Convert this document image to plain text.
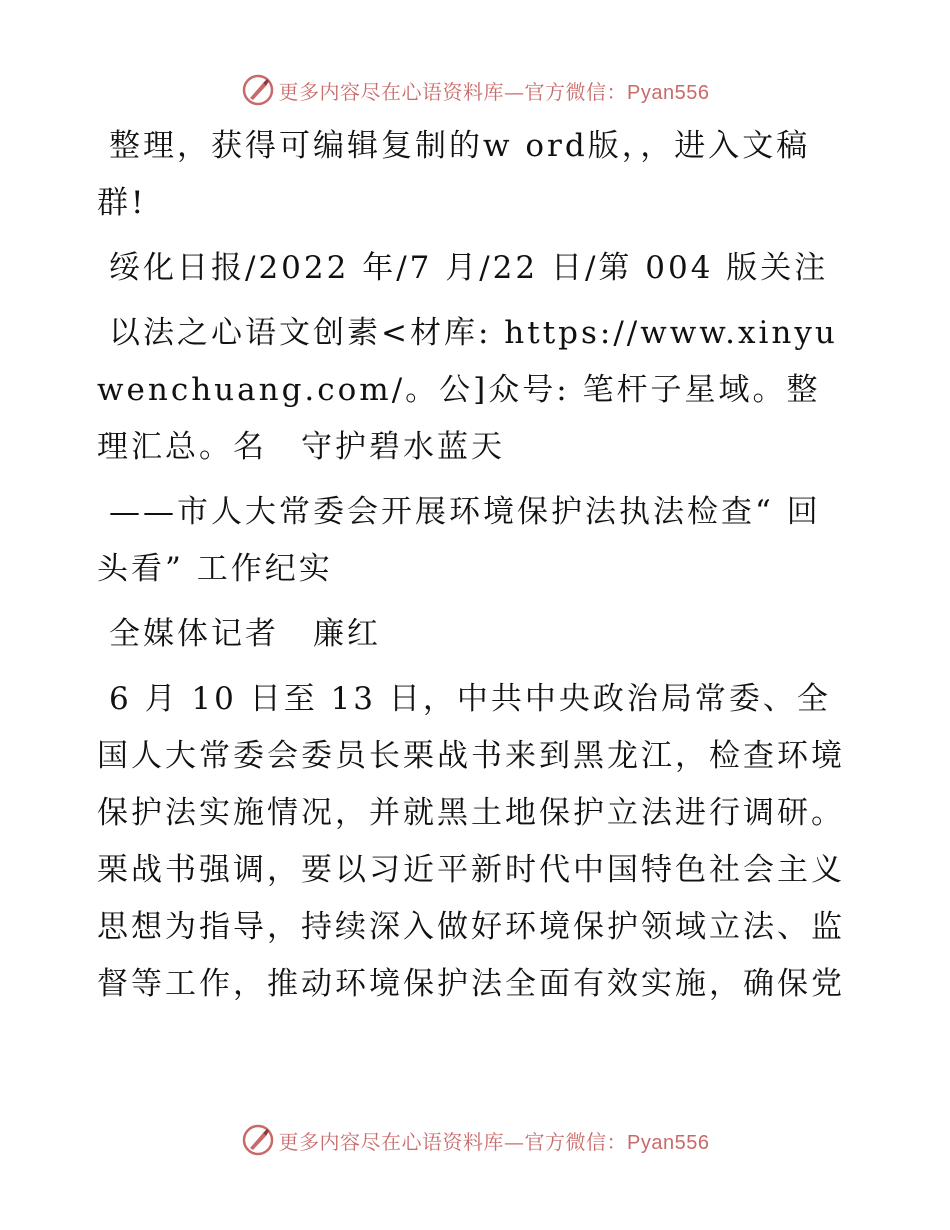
更多内容尽在心语资料库—官方微信：Pyan556

整理，获得可编辑复制的w ord版，，进入文稿群!

绥化日报/2022 年/7 月/22 日/第 004 版关注

以法之心语文创素<材库: https://www.xinyuwenchuang.com/。公]众号: 笔杆子星域。整理汇总。名　守护碧水蓝天

——市人大常委会开展环境保护法执法检查“ 回头看” 工作纪实

全媒体记者　廉红

6 月 10 日至 13 日，中共中央政治局常委、全国人大常委会委员长栗战书来到黑龙江，检查环境保护法实施情况，并就黑土地保护立法进行调研。栗战书强调，要以习近平新时代中国特色社会主义思想为指导，持续深入做好环境保护领域立法、监督等工作，推动环境保护法全面有效实施，确保党

更多内容尽在心语资料库—官方微信：Pyan556
